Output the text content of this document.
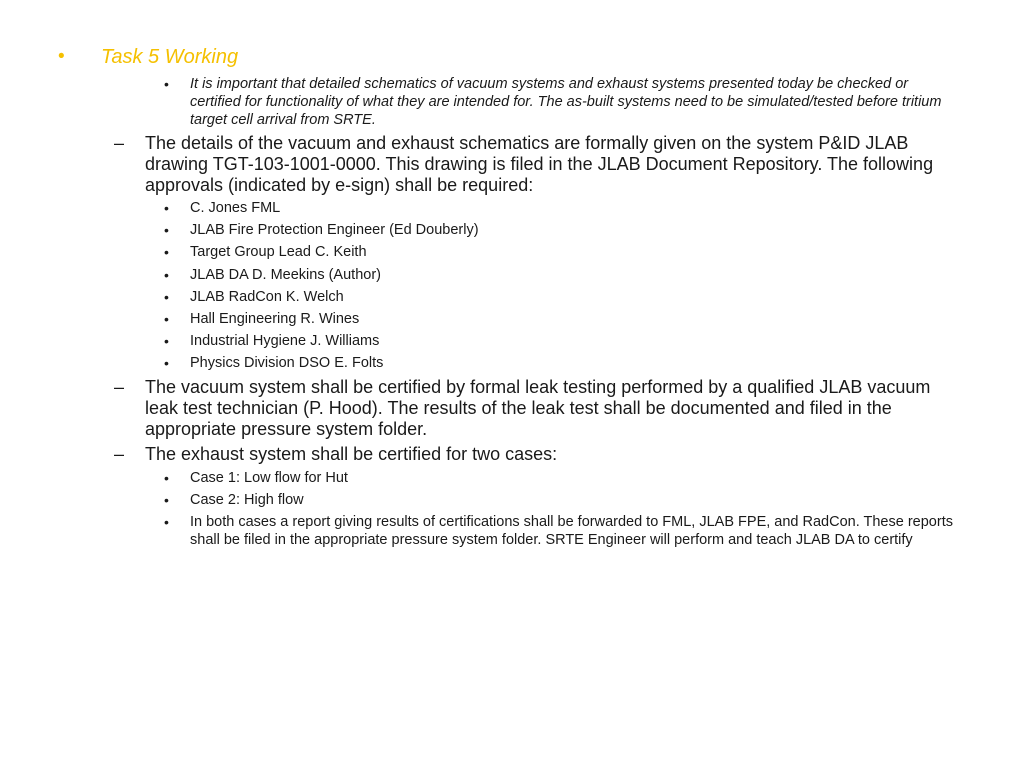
• Task 5 Working
• It is important that detailed schematics of vacuum systems and exhaust systems presented today be checked or certified for functionality of what they are intended for. The as-built systems need to be simulated/tested before tritium target cell arrival from SRTE.
– The details of the vacuum and exhaust schematics are formally given on the system P&ID JLAB drawing TGT-103-1001-0000. This drawing is filed in the JLAB Document Repository. The following approvals (indicated by e-sign) shall be required:
• C. Jones FML
• JLAB Fire Protection Engineer (Ed Douberly)
• Target Group Lead C. Keith
• JLAB DA D. Meekins (Author)
• JLAB RadCon K. Welch
• Hall Engineering R. Wines
• Industrial Hygiene J. Williams
• Physics Division DSO E. Folts
– The vacuum system shall be certified by formal leak testing performed by a qualified JLAB vacuum leak test technician (P. Hood). The results of the leak test shall be documented and filed in the appropriate pressure system folder.
– The exhaust system shall be certified for two cases:
• Case 1: Low flow for Hut
• Case 2: High flow
• In both cases a report giving results of certifications shall be forwarded to FML, JLAB FPE, and RadCon. These reports shall be filed in the appropriate pressure system folder. SRTE Engineer will perform and teach JLAB DA to certify
